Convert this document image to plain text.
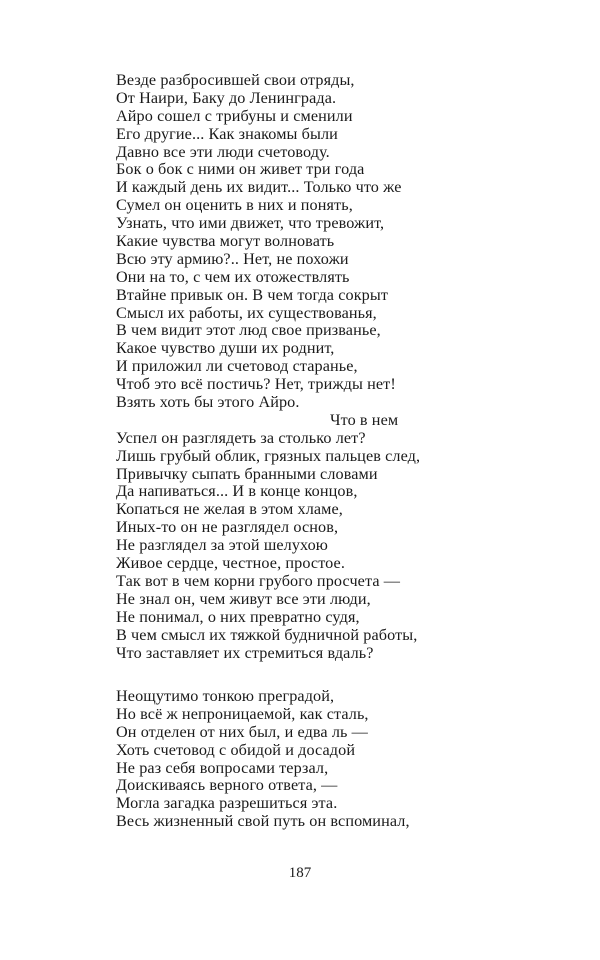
Везде разбросившей свои отряды,
От Наири, Баку до Ленинграда.
Айро сошел с трибуны и сменили
Его другие... Как знакомы были
Давно все эти люди счетоводу.
Бок о бок с ними он живет три года
И каждый день их видит... Только что же
Сумел он оценить в них и понять,
Узнать, что ими движет, что тревожит,
Какие чувства могут волновать
Всю эту армию?.. Нет, не похожи
Они на то, с чем их отожествлять
Втайне привык он. В чем тогда сокрыт
Смысл их работы, их существованья,
В чем видит этот люд свое призванье,
Какое чувство души их роднит,
И приложил ли счетовод старанье,
Чтоб это всё постичь? Нет, трижды нет!
Взять хоть бы этого Айро.
Что в нем
Успел он разглядеть за столько лет?
Лишь грубый облик, грязных пальцев след,
Привычку сыпать бранными словами
Да напиваться... И в конце концов,
Копаться не желая в этом хламе,
Иных-то он не разглядел основ,
Не разглядел за этой шелухою
Живое сердце, честное, простое.
Так вот в чем корни грубого просчета —
Не знал он, чем живут все эти люди,
Не понимал, о них превратно судя,
В чем смысл их тяжкой будничной работы,
Что заставляет их стремиться вдаль?
Неощутимо тонкою преградой,
Но всё ж непроницаемой, как сталь,
Он отделен от них был, и едва ль —
Хоть счетовод с обидой и досадой
Не раз себя вопросами терзал,
Доискиваясь верного ответа, —
Могла загадка разрешиться эта.
Весь жизненный свой путь он вспоминал,
187
